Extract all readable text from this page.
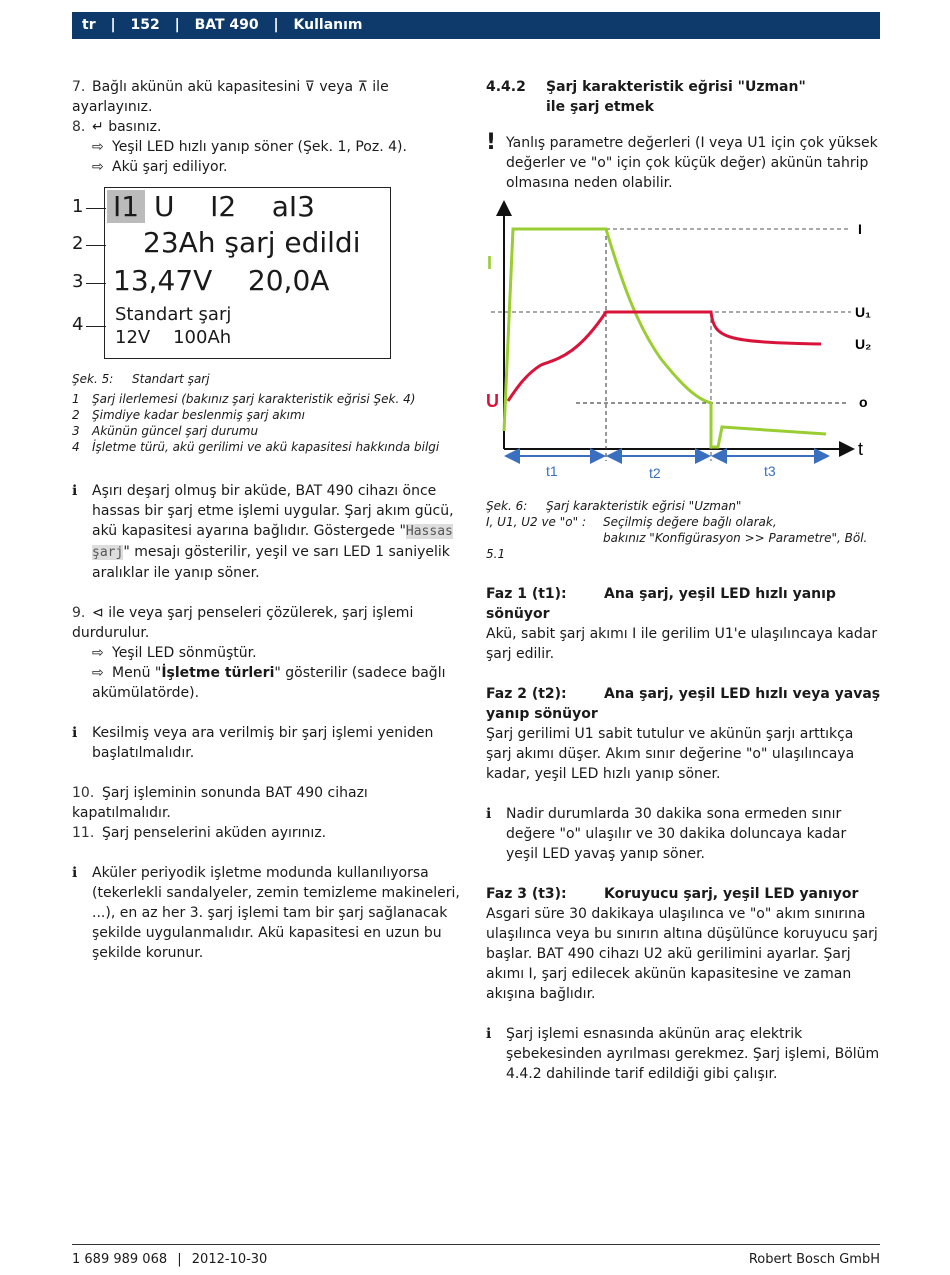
tr | 152 | BAT 490 | Kullanım

7. Bağlı akünün akü kapasitesini ⊽ veya ⊼ ile ayarlayınız.

8. ↵ basınız.

⇨ Yeşil LED hızlı yanıp söner (Şek. 1, Poz. 4).

⇨ Akü şarj ediliyor.

1
2
3
4
I1 U    I2    aI3
23Ah şarj edildi
13,47V    20,0A
Standart şarj
12V    100Ah

Şek. 5: Standart şarj

1 Şarj ilerlemesi (bakınız şarj karakteristik eğrisi Şek. 4)

2 Şimdiye kadar beslenmiş şarj akımı

3 Akünün güncel şarj durumu

4 İşletme türü, akü gerilimi ve akü kapasitesi hakkında bilgi

ℹ Aşırı deşarj olmuş bir aküde, BAT 490 cihazı önce hassas bir şarj etme işlemi uygular. Şarj akım gücü, akü kapasitesi ayarına bağlıdır. Göstergede "Hassas şarj" mesajı gösterilir, yeşil ve sarı LED 1 saniyelik aralıklar ile yanıp söner.

9. ⊲ ile veya şarj penseleri çözülerek, şarj işlemi durdurulur.

⇨ Yeşil LED sönmüştür.

⇨ Menü "İşletme türleri" gösterilir (sadece bağlı akümülatörde).

ℹ Kesilmiş veya ara verilmiş bir şarj işlemi yeniden başlatılmalıdır.

10. Şarj işleminin sonunda BAT 490 cihazı kapatılmalıdır.

11. Şarj penselerini aküden ayırınız.

ℹ Aküler periyodik işletme modunda kullanılıyorsa (tekerlekli sandalyeler, zemin temizleme makineleri, ...), en az her 3. şarj işlemi tam bir şarj sağlanacak şekilde uygulanmalıdır. Akü kapasitesi en uzun bu şekilde korunur.

4.4.2 Şarj karakteristik eğrisi "Uzman" ile şarj etmek

! Yanlış parametre değerleri (I veya U1 için çok yüksek değerler ve "o" için çok küçük değer) akünün tahrip olmasına neden olabilir.

I
U
I
U₁
U₂
o
t
t1	t2	t3

Şek. 6: Şarj karakteristik eğrisi "Uzman"

I, U1, U2 ve "o" : Seçilmiş değere bağlı olarak,

bakınız "Konfigürasyon >> Parametre", Böl. 5.1

Faz 1 (t1):	Ana şarj, yeşil LED hızlı yanıp sönüyor

Akü, sabit şarj akımı I ile gerilim U1'e ulaşılıncaya kadar şarj edilir.

Faz 2 (t2):	Ana şarj, yeşil LED hızlı veya yavaş yanıp sönüyor

Şarj gerilimi U1 sabit tutulur ve akünün şarjı arttıkça şarj akımı düşer. Akım sınır değerine "o" ulaşılıncaya kadar, yeşil LED hızlı yanıp söner.

ℹ Nadir durumlarda 30 dakika sona ermeden sınır değere "o" ulaşılır ve 30 dakika doluncaya kadar yeşil LED yavaş yanıp söner.

Faz 3 (t3):	Koruyucu şarj, yeşil LED yanıyor

Asgari süre 30 dakikaya ulaşılınca ve "o" akım sınırına ulaşılınca veya bu sınırın altına düşülünce koruyucu şarj başlar. BAT 490 cihazı U2 akü gerilimini ayarlar. Şarj akımı I, şarj edilecek akünün kapasitesine ve zaman akışına bağlıdır.

ℹ Şarj işlemi esnasında akünün araç elektrik şebekesinden ayrılması gerekmez. Şarj işlemi, Bölüm 4.4.2 dahilinde tarif edildiği gibi çalışır.

1 689 989 068 | 2012-10-30	Robert Bosch GmbH
